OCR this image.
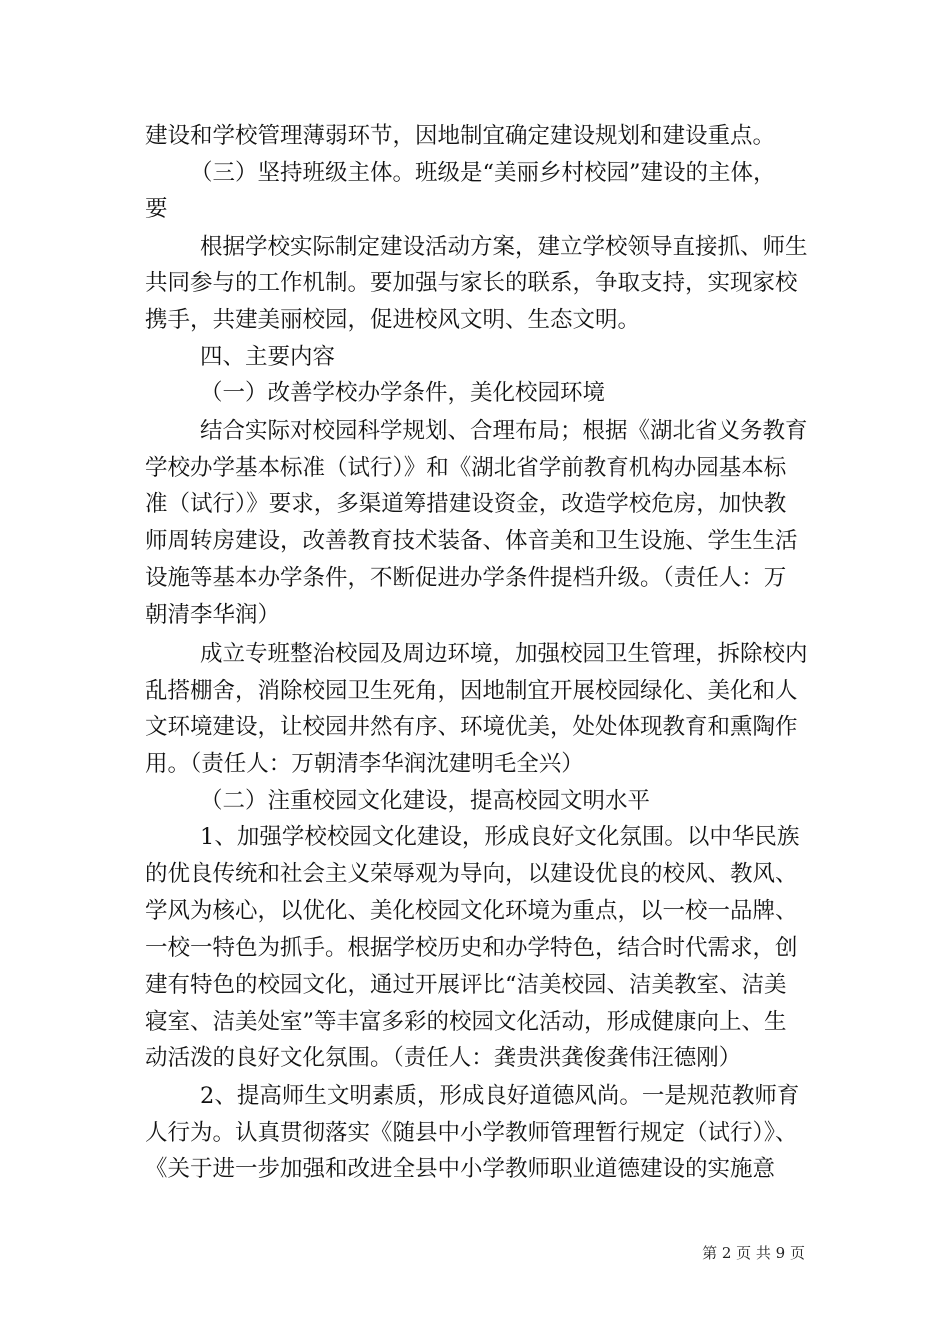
建设和学校管理薄弱环节，因地制宜确定建设规划和建设重点。
（三）坚持班级主体。班级是“美丽乡村校园”建设的主体，
要
根据学校实际制定建设活动方案，建立学校领导直接抓、师生
共同参与的工作机制。要加强与家长的联系，争取支持，实现家校
携手，共建美丽校园，促进校风文明、生态文明。
四、主要内容
（一）改善学校办学条件，美化校园环境
结合实际对校园科学规划、合理布局；根据《湖北省义务教育
学校办学基本标准（试行）》和《湖北省学前教育机构办园基本标
准（试行）》要求，多渠道筹措建设资金，改造学校危房，加快教
师周转房建设，改善教育技术装备、体音美和卫生设施、学生生活
设施等基本办学条件，不断促进办学条件提档升级。（责任人：万
朝清李华润）
成立专班整治校园及周边环境，加强校园卫生管理，拆除校内
乱搭棚舍，消除校园卫生死角，因地制宜开展校园绿化、美化和人
文环境建设，让校园井然有序、环境优美，处处体现教育和熏陶作
用。（责任人：万朝清李华润沈建明毛全兴）
（二）注重校园文化建设，提高校园文明水平
1、加强学校校园文化建设，形成良好文化氛围。以中华民族
的优良传统和社会主义荣辱观为导向，以建设优良的校风、教风、
学风为核心，以优化、美化校园文化环境为重点，以一校一品牌、
一校一特色为抓手。根据学校历史和办学特色，结合时代需求，创
建有特色的校园文化，通过开展评比“洁美校园、洁美教室、洁美
寝室、洁美处室”等丰富多彩的校园文化活动，形成健康向上、生
动活泼的良好文化氛围。（责任人：龚贵洪龚俊龚伟汪德刚）
2、提高师生文明素质，形成良好道德风尚。一是规范教师育
人行为。认真贯彻落实《随县中小学教师管理暂行规定（试行）》、
《关于进一步加强和改进全县中小学教师职业道德建设的实施意
第 2 页 共 9 页
